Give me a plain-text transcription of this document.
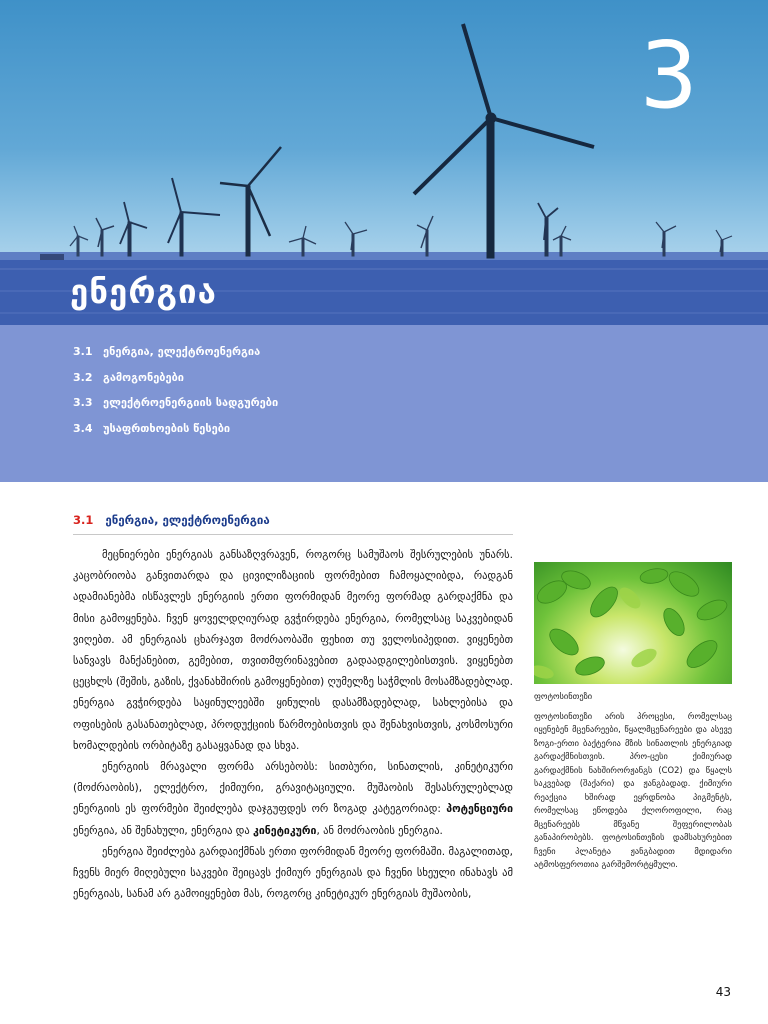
3
ენერგია
3.1 ენერგია, ელექტროენერგია
3.2 გამოგონებები
3.3 ელექტროენერგიის სადგურები
3.4 უსაფრთხოების წესები
3.1 ენერგია, ელექტროენერგია

მეცნიერები ენერგიას განსაზღვრავენ, როგორც სამუშაოს შესრულების უნარს. კაცობრიობა განვითარდა და ცივილიზაციის ფორმებით ჩამოყალიბდა, რადგან ადამიანებმა ისწავლეს ენერგიის ერთი ფორმიდან მეორე ფორმად გარდაქმნა და მისი გამოყენება. ჩვენ ყოველდღიურად გვჭირდება ენერგია, რომელსაც საკვებიდან ვიღებთ. ამ ენერგიას ცხარჯავთ მოძრაობაში ფეხით თუ ველოსიპედით. ვიყენებთ სანვავს მანქანებით, გემებით, თვითმფრინავებით გადაადგილებისთვის. ვიყენებთ ცეცხლს (შეშის, გაზის, ქვანახშირის გამოყენებით) ღუმელზე საჭმლის მოსამზადებლად. ენერგია გვჭირდება საყინულეებში ყინულის დასამზადებლად, სახლებისა და ოფისების გასანათებლად, პროდუქციის წარმოებისთვის და შენახვისთვის, კოსმოსური ხომალდების ორბიტაზე გასაყვანად და სხვა.

ენერგიის მრავალი ფორმა არსებობს: სითბური, სინათლის, კინეტიკური (მოძრაობის), ელექტრო, ქიმიური, გრავიტაციული. მუშაობის შესასრულებლად ენერგიის ეს ფორმები შეიძლება დაჯგუფდეს ორ ზოგად კატეგორიად: პოტენციური ენერგია, ან შენახული, ენერგია და კინეტიკური, ან მოძრაობის ენერგია.

ენერგია შეიძლება გარდაიქმნას ერთი ფორმიდან მეორე ფორმაში. მაგალითად, ჩვენს მიერ მიღებული საკვები შეიცავს ქიმიურ ენერგიას და ჩვენი სხეული ინახავს ამ ენერგიას, სანამ არ გამოიყენებთ მას, როგორც კინეტიკურ ენერგიას მუშაობის,

ფოტოსინთეზი

ფოტოსინთეზი არის პროცესი, რომელსაც იყენებენ მცენარეები, წყალმცენარეები და ასევე ზოგი-ერთი ბაქტერია მზის სინათლის ენერგიად გარდაქმნისთვის. პრო-ცესი ქიმიურად გარდაქმნის ნახშირორჟანგს (CO2) და წყალს საკვებად (შაქარი) და ჟანგბადად. ქიმიური რეაქცია ხშირად ეყრდნობა პიგმენტს, რომელსაც ეწოდება ქლოროფილი, რაც მცენარეებს მწვანე შეფერილობას განაპირობებს. ფოტოსინთეზის დამსახურებით ჩვენი პლანეტა ჟანგბადით მდიდარი ატმოსფეროთია გარშემორტყმული.

43
